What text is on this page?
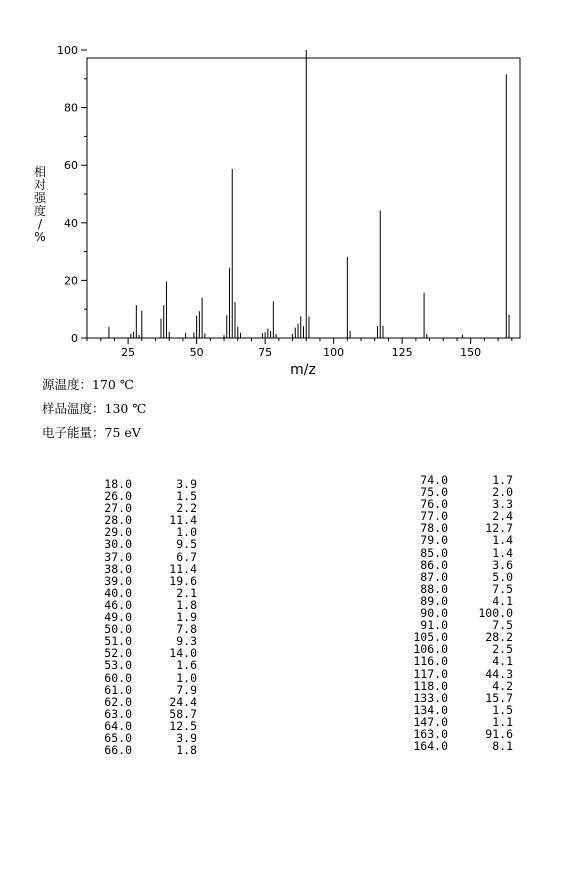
0
20
40
60
80
100
25	50	75	100	125	150
m/z
相对强度/ %
源温度：170 ℃
样品温度：130 ℃
电子能量：75 eV
18.0	3.9
26.0	1.5
27.0	2.2
28.0	11.4
29.0	1.0
30.0	9.5
37.0	6.7
38.0	11.4
39.0	19.6
40.0	2.1
46.0	1.8
49.0	1.9
50.0	7.8
51.0	9.3
52.0	14.0
53.0	1.6
60.0	1.0
61.0	7.9
62.0	24.4
63.0	58.7
64.0	12.5
65.0	3.9
66.0	1.8
74.0	1.7
75.0	2.0
76.0	3.3
77.0	2.4
78.0	12.7
79.0	1.4
85.0	1.4
86.0	3.6
87.0	5.0
88.0	7.5
89.0	4.1
90.0	100.0
91.0	7.5
105.0	28.2
106.0	2.5
116.0	4.1
117.0	44.3
118.0	4.2
133.0	15.7
134.0	1.5
147.0	1.1
163.0	91.6
164.0	8.1
